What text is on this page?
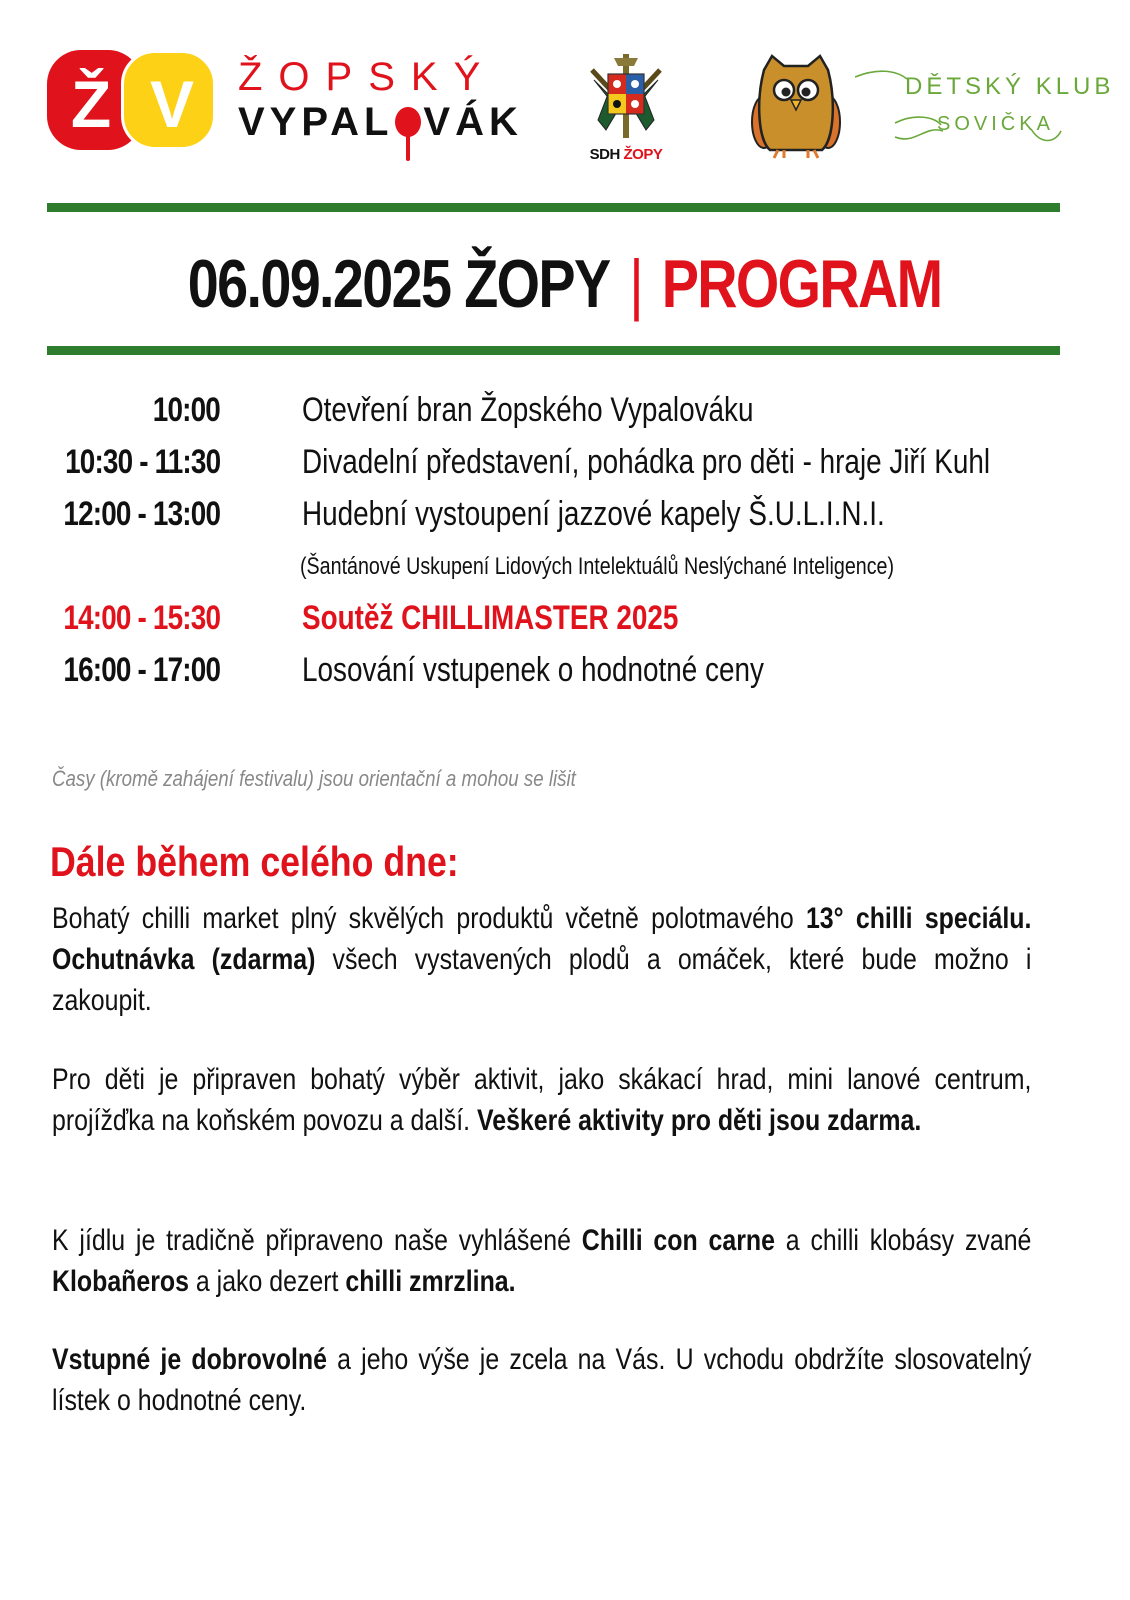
Ž V	ŽOPSKÝ
VYPAL VÁK
SDH ŽOPY
DĚTSKÝ KLUB
SOVIČKA
06.09.2025 ŽOPY | PROGRAM
10:00 Otevření bran Žopského Vypalováku
10:30 - 11:30 Divadelní představení, pohádka pro děti - hraje Jiří Kuhl
12:00 - 13:00 Hudební vystoupení jazzové kapely Š.U.L.I.N.I.
(Šantánové Uskupení Lidových Intelektuálů Neslýchané Inteligence)
14:00 - 15:30 Soutěž CHILLIMASTER 2025
16:00 - 17:00 Losování vstupenek o hodnotné ceny
Časy (kromě zahájení festivalu) jsou orientační a mohou se lišit
Dále během celého dne:
Bohatý chilli market plný skvělých produktů včetně polotmavého 13° chilli speciálu. Ochutnávka (zdarma) všech vystavených plodů a omáček, které bude možno i zakoupit.
Pro děti je připraven bohatý výběr aktivit, jako skákací hrad, mini lanové centrum, projížďka na koňském povozu a další. Veškeré aktivity pro děti jsou zdarma.
K jídlu je tradičně připraveno naše vyhlášené Chilli con carne a chilli klobásy zvané Klobañeros a jako dezert chilli zmrzlina.
Vstupné je dobrovolné a jeho výše je zcela na Vás. U vchodu obdržíte slosovatelný lístek o hodnotné ceny.
